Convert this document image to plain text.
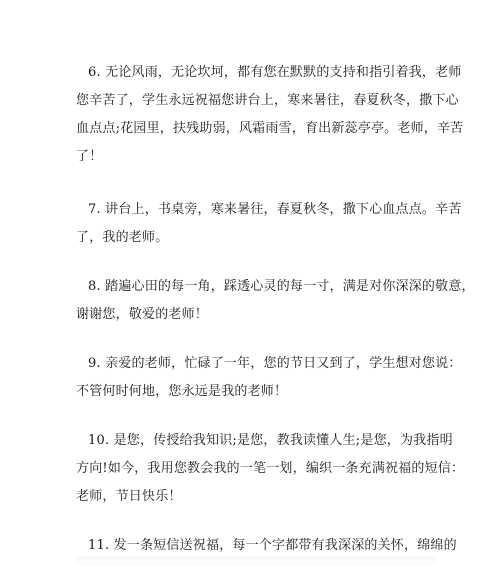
6. 无论风雨，无论坎坷，都有您在默默的支持和指引着我，老师
您辛苦了，学生永远祝福您讲台上，寒来暑往，春夏秋冬，撒下心
血点点;花园里，扶残助弱，风霜雨雪，育出新蕊亭亭。老师，辛苦
了！
7. 讲台上，书桌旁，寒来暑往，春夏秋冬，撒下心血点点。辛苦
了，我的老师。
8. 踏遍心田的每一角，踩透心灵的每一寸，满是对你深深的敬意，
谢谢您，敬爱的老师！
9. 亲爱的老师，忙碌了一年，您的节日又到了，学生想对您说：
不管何时何地，您永远是我的老师！
10. 是您，传授给我知识;是您，教我读懂人生;是您，为我指明
方向!如今，我用您教会我的一笔一划，编织一条充满祝福的短信：
老师，节日快乐！
11. 发一条短信送祝福，每一个字都带有我深深的关怀，绵绵的
